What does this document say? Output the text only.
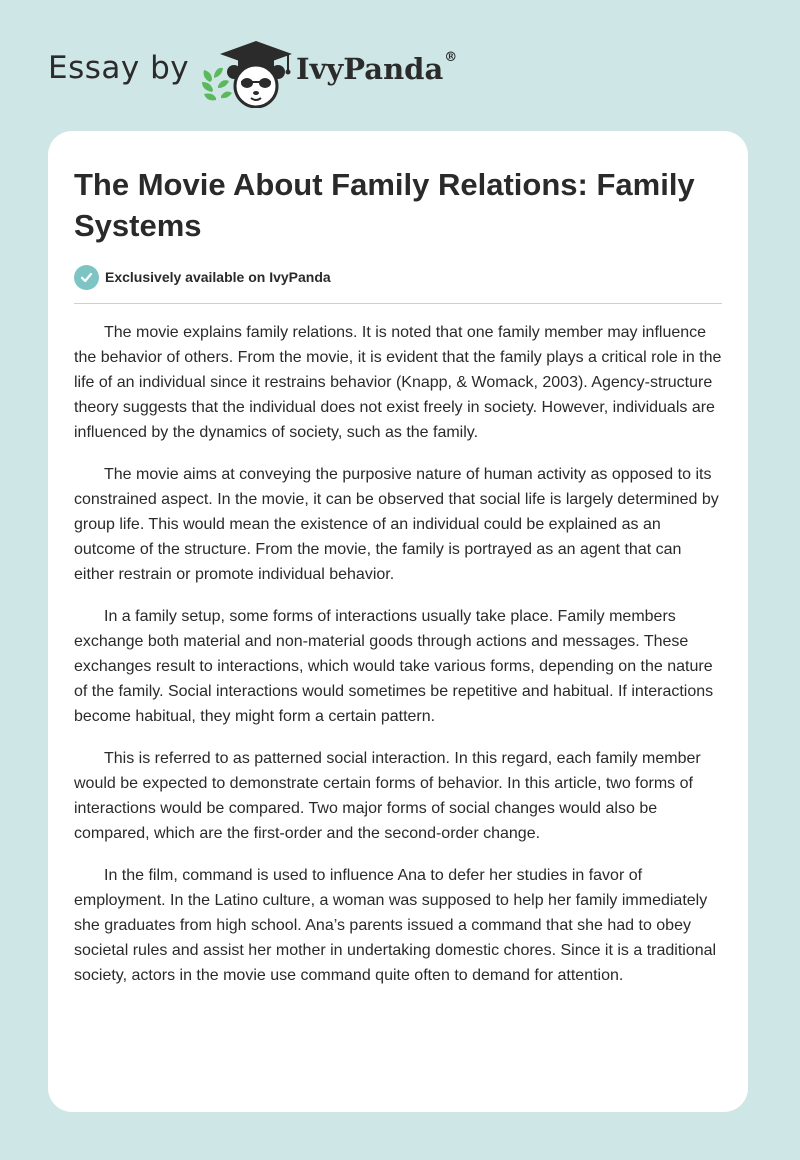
Essay by	IvyPanda®
The Movie About Family Relations: Family Systems
Exclusively available on IvyPanda

The movie explains family relations. It is noted that one family member may influence the behavior of others. From the movie, it is evident that the family plays a critical role in the life of an individual since it restrains behavior (Knapp, & Womack, 2003). Agency-structure theory suggests that the individual does not exist freely in society. However, individuals are influenced by the dynamics of society, such as the family.

The movie aims at conveying the purposive nature of human activity as opposed to its constrained aspect. In the movie, it can be observed that social life is largely determined by group life. This would mean the existence of an individual could be explained as an outcome of the structure. From the movie, the family is portrayed as an agent that can either restrain or promote individual behavior.

In a family setup, some forms of interactions usually take place. Family members exchange both material and non-material goods through actions and messages. These exchanges result to interactions, which would take various forms, depending on the nature of the family. Social interactions would sometimes be repetitive and habitual. If interactions become habitual, they might form a certain pattern.

This is referred to as patterned social interaction. In this regard, each family member would be expected to demonstrate certain forms of behavior. In this article, two forms of interactions would be compared. Two major forms of social changes would also be compared, which are the first-order and the second-order change.

In the film, command is used to influence Ana to defer her studies in favor of employment. In the Latino culture, a woman was supposed to help her family immediately she graduates from high school. Ana’s parents issued a command that she had to obey societal rules and assist her mother in undertaking domestic chores. Since it is a traditional society, actors in the movie use command quite often to demand for attention.
